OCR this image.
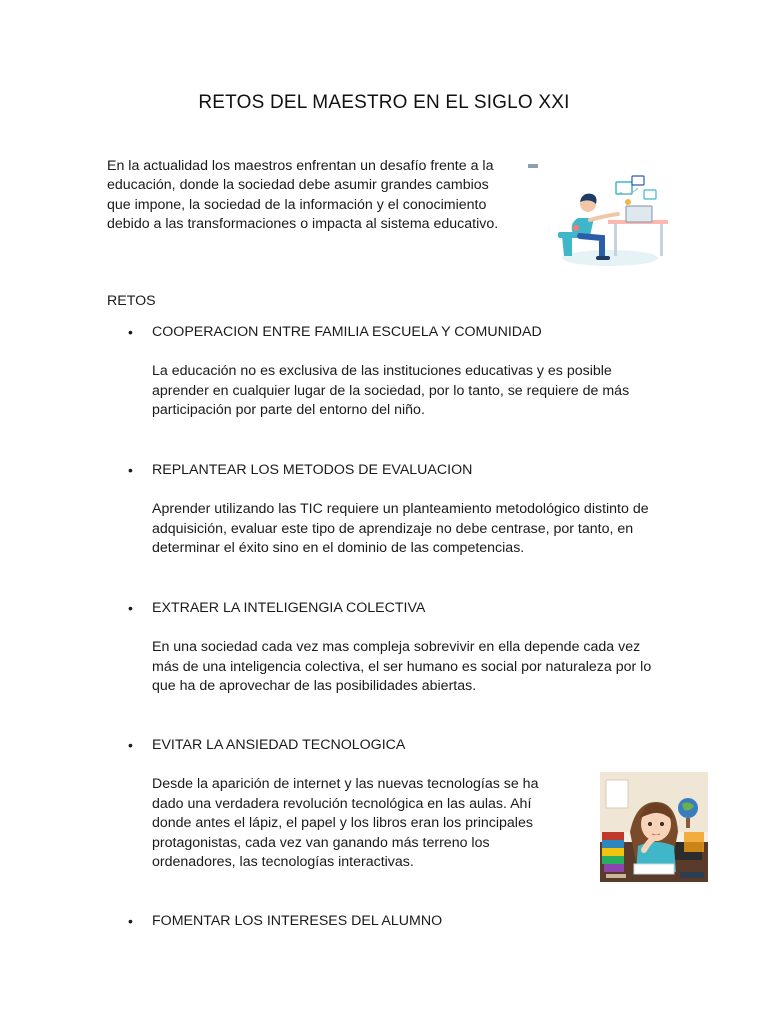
RETOS DEL MAESTRO EN EL SIGLO XXI
En la actualidad los maestros enfrentan un desafío frente a la educación, donde la sociedad debe asumir grandes cambios que impone, la sociedad de la información y el conocimiento debido a las transformaciones o impacta al sistema educativo.
RETOS
• COOPERACION ENTRE FAMILIA ESCUELA Y COMUNIDAD
La educación no es exclusiva de las instituciones educativas y es posible aprender en cualquier lugar de la sociedad, por lo tanto, se requiere de más participación por parte del entorno del niño.
• REPLANTEAR LOS METODOS DE EVALUACION
Aprender utilizando las TIC requiere un planteamiento metodológico distinto de adquisición, evaluar este tipo de aprendizaje no debe centrase, por tanto, en determinar el éxito sino en el dominio de las competencias.
• EXTRAER LA INTELIGENGIA COLECTIVA
En una sociedad cada vez mas compleja sobrevivir en ella depende cada vez más de una inteligencia colectiva, el ser humano es social por naturaleza por lo que ha de aprovechar de las posibilidades abiertas.
• EVITAR LA ANSIEDAD TECNOLOGICA
Desde la aparición de internet y las nuevas tecnologías se ha dado una verdadera revolución tecnológica en las aulas. Ahí donde antes el lápiz, el papel y los libros eran los principales protagonistas, cada vez van ganando más terreno los ordenadores, las tecnologías interactivas.
• FOMENTAR LOS INTERESES DEL ALUMNO
